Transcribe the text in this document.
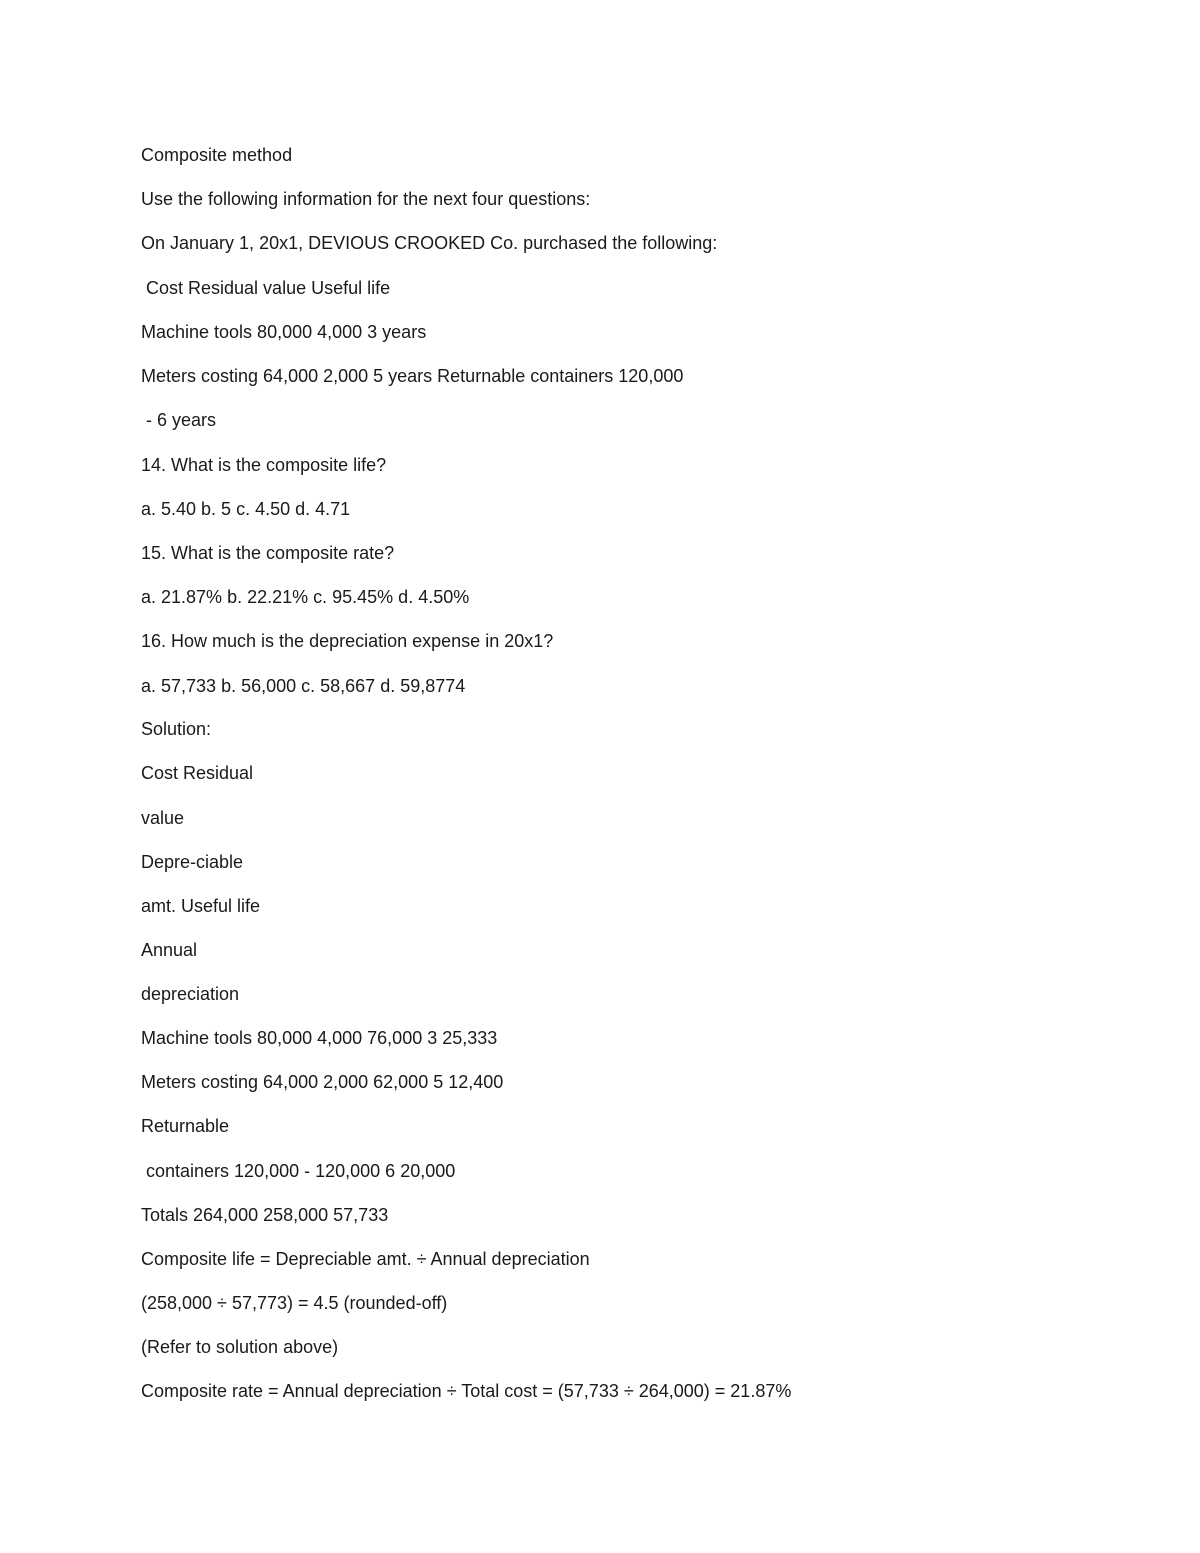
Composite method

Use the following information for the next four questions:

On January 1, 20x1, DEVIOUS CROOKED Co. purchased the following:

Cost Residual value Useful life

Machine tools 80,000 4,000 3 years

Meters costing 64,000 2,000 5 years Returnable containers 120,000

- 6 years

14. What is the composite life?

a. 5.40 b. 5 c. 4.50 d. 4.71

15. What is the composite rate?

a. 21.87% b. 22.21% c. 95.45% d. 4.50%

16. How much is the depreciation expense in 20x1?

a. 57,733 b. 56,000 c. 58,667 d. 59,8774

Solution:

Cost Residual

value

Depre-ciable

amt. Useful life

Annual

depreciation

Machine tools 80,000 4,000 76,000 3 25,333

Meters costing 64,000 2,000 62,000 5 12,400

Returnable

containers 120,000 - 120,000 6 20,000

Totals 264,000 258,000 57,733

Composite life = Depreciable amt. ÷ Annual depreciation

(258,000 ÷ 57,773) = 4.5 (rounded-off)

(Refer to solution above)

Composite rate = Annual depreciation ÷ Total cost = (57,733 ÷ 264,000) = 21.87%
